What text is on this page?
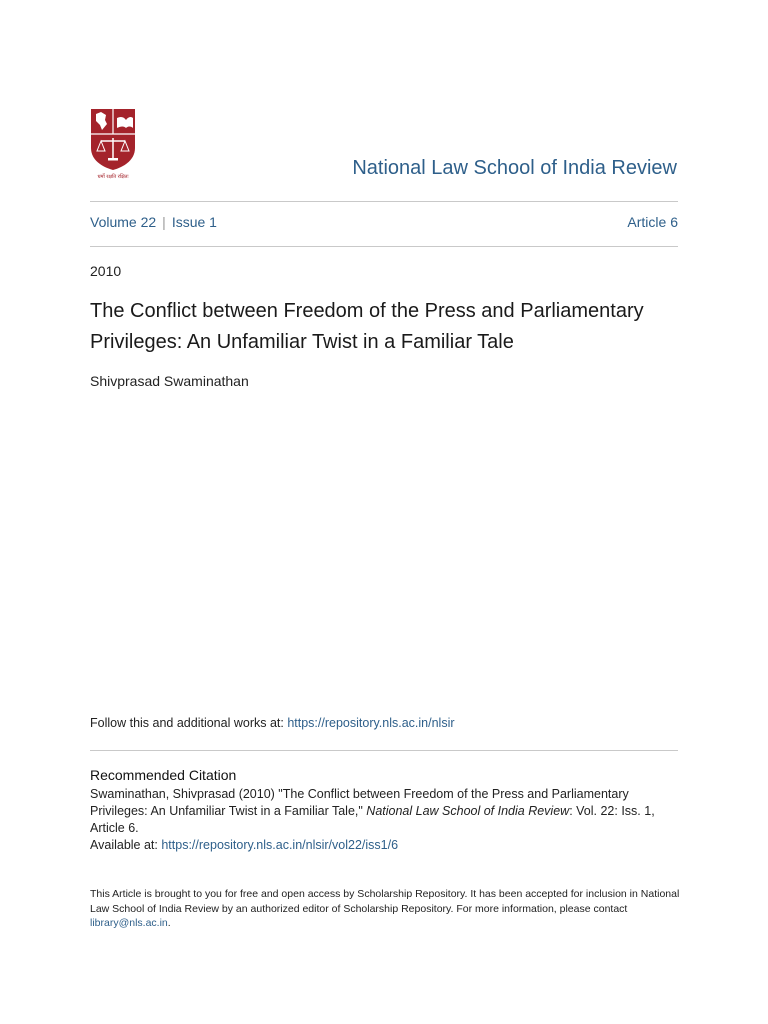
धर्मो रक्षति रक्षितः	National Law School of India Review
Volume 22 | Issue 1	Article 6
2010
The Conflict between Freedom of the Press and Parliamentary Privileges: An Unfamiliar Twist in a Familiar Tale
Shivprasad Swaminathan
Follow this and additional works at: https://repository.nls.ac.in/nlsir
Recommended Citation
Swaminathan, Shivprasad (2010) "The Conflict between Freedom of the Press and Parliamentary Privileges: An Unfamiliar Twist in a Familiar Tale," National Law School of India Review: Vol. 22: Iss. 1, Article 6.
Available at: https://repository.nls.ac.in/nlsir/vol22/iss1/6
This Article is brought to you for free and open access by Scholarship Repository. It has been accepted for inclusion in National Law School of India Review by an authorized editor of Scholarship Repository. For more information, please contact library@nls.ac.in.
